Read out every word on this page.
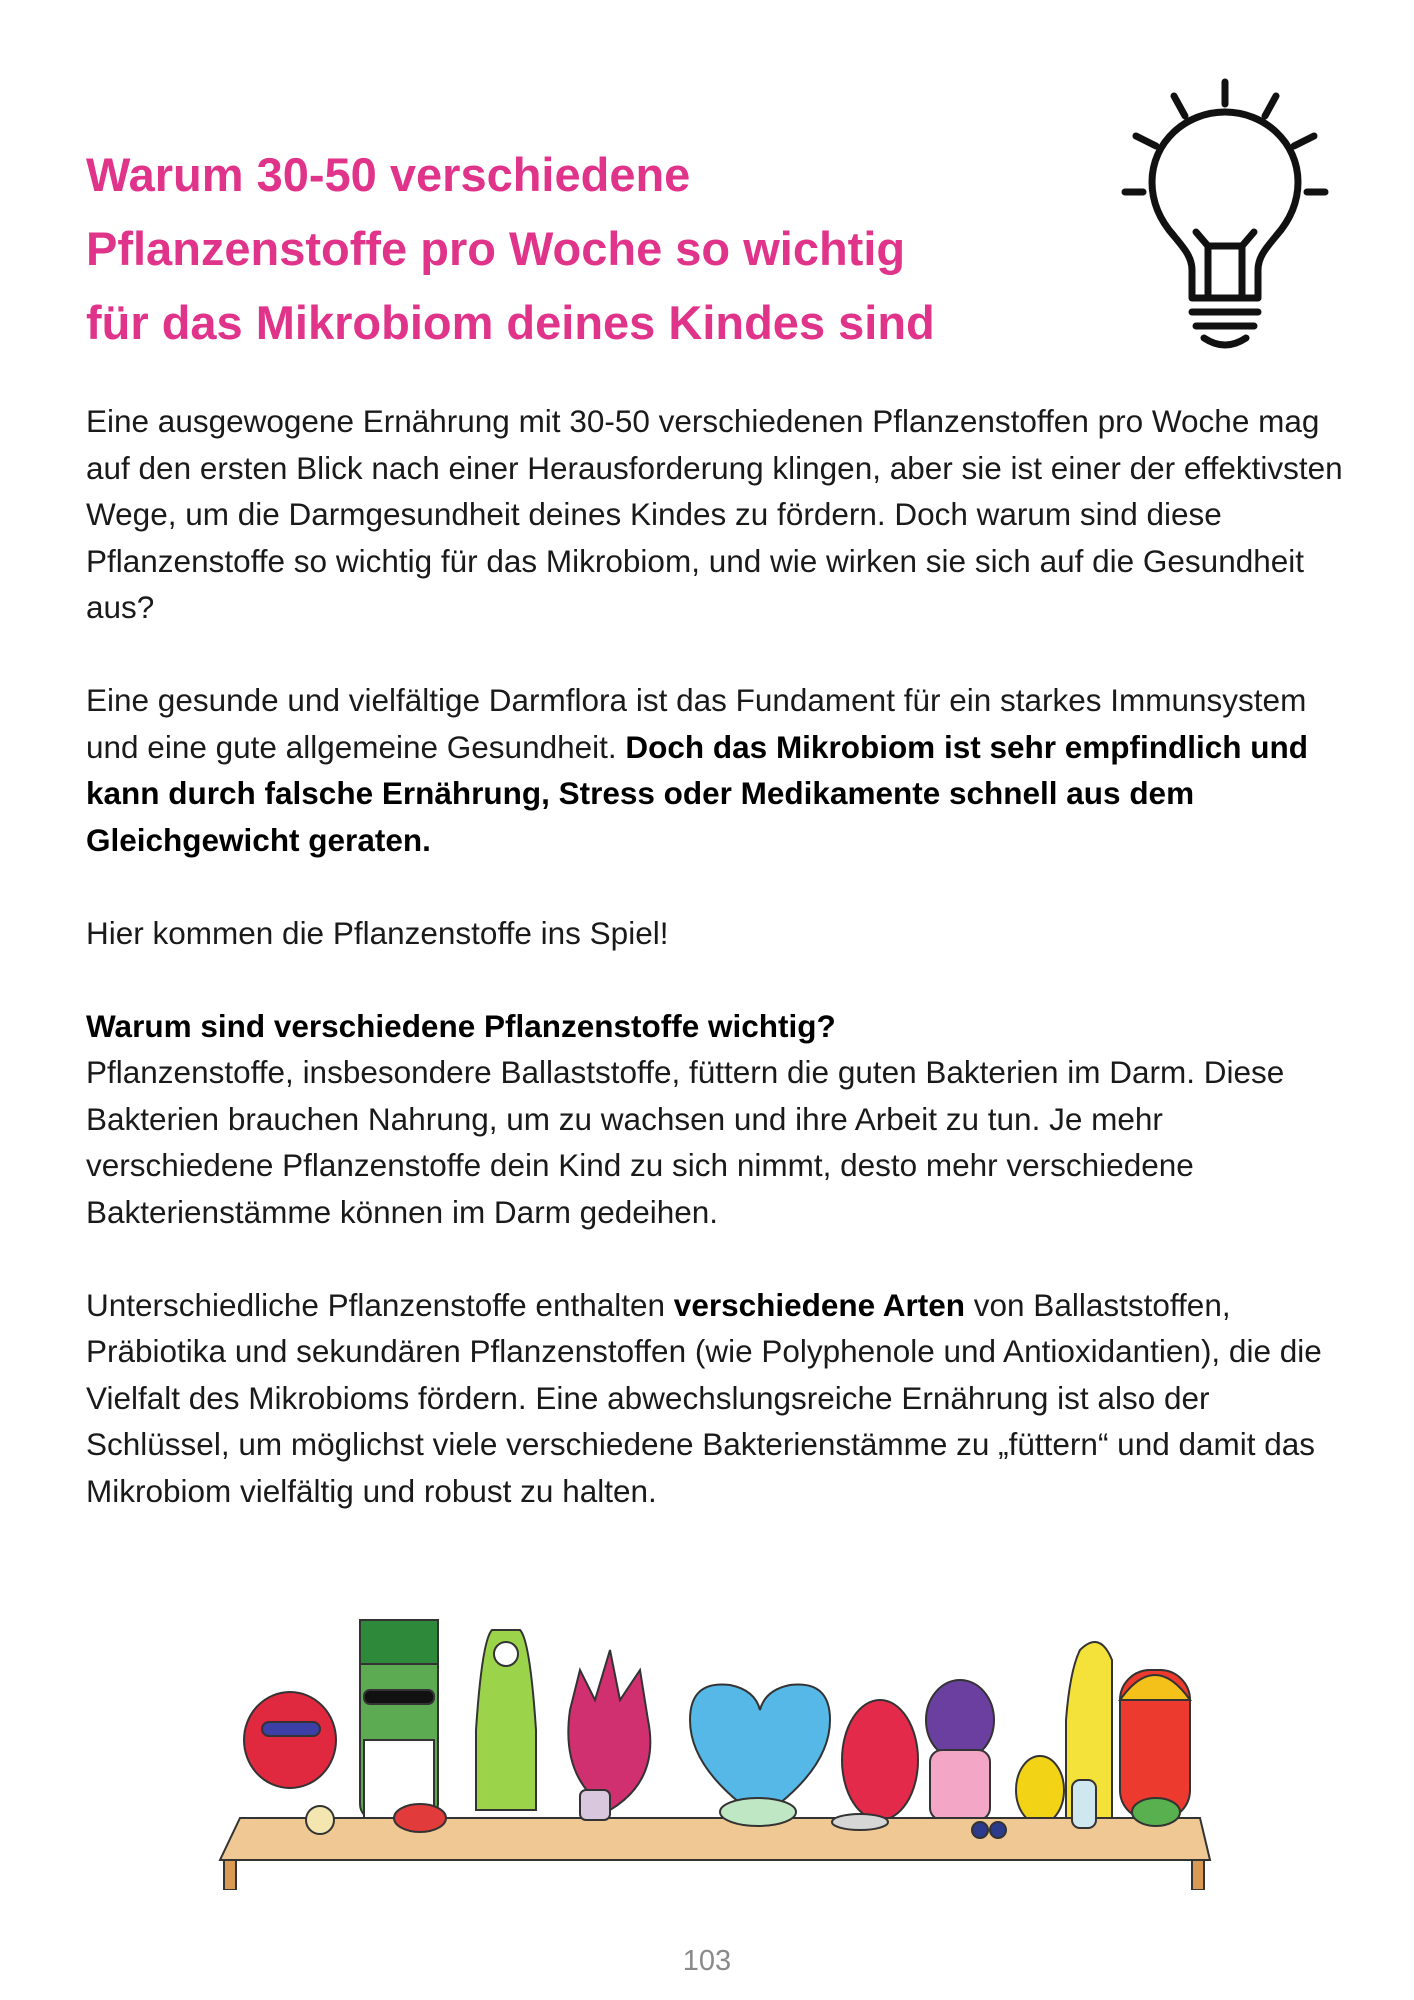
Warum 30-50 verschiedene
Pflanzenstoffe pro Woche so wichtig
für das Mikrobiom deines Kindes sind

Eine ausgewogene Ernährung mit 30-50 verschiedenen Pflanzenstoffen pro Woche mag auf den ersten Blick nach einer Herausforderung klingen, aber sie ist einer der effektivsten Wege, um die Darmgesundheit deines Kindes zu fördern. Doch warum sind diese Pflanzenstoffe so wichtig für das Mikrobiom, und wie wirken sie sich auf die Gesundheit aus?

Eine gesunde und vielfältige Darmflora ist das Fundament für ein starkes Immunsystem und eine gute allgemeine Gesundheit. Doch das Mikrobiom ist sehr empfindlich und kann durch falsche Ernährung, Stress oder Medikamente schnell aus dem Gleichgewicht geraten.

Hier kommen die Pflanzenstoffe ins Spiel!

Warum sind verschiedene Pflanzenstoffe wichtig?

Pflanzenstoffe, insbesondere Ballaststoffe, füttern die guten Bakterien im Darm. Diese Bakterien brauchen Nahrung, um zu wachsen und ihre Arbeit zu tun. Je mehr verschiedene Pflanzenstoffe dein Kind zu sich nimmt, desto mehr verschiedene Bakterienstämme können im Darm gedeihen.

Unterschiedliche Pflanzenstoffe enthalten verschiedene Arten von Ballaststoffen, Präbiotika und sekundären Pflanzenstoffen (wie Polyphenole und Antioxidantien), die die Vielfalt des Mikrobioms fördern. Eine abwechslungsreiche Ernährung ist also der Schlüssel, um möglichst viele verschiedene Bakterienstämme zu „füttern“ und damit das Mikrobiom vielfältig und robust zu halten.

103
